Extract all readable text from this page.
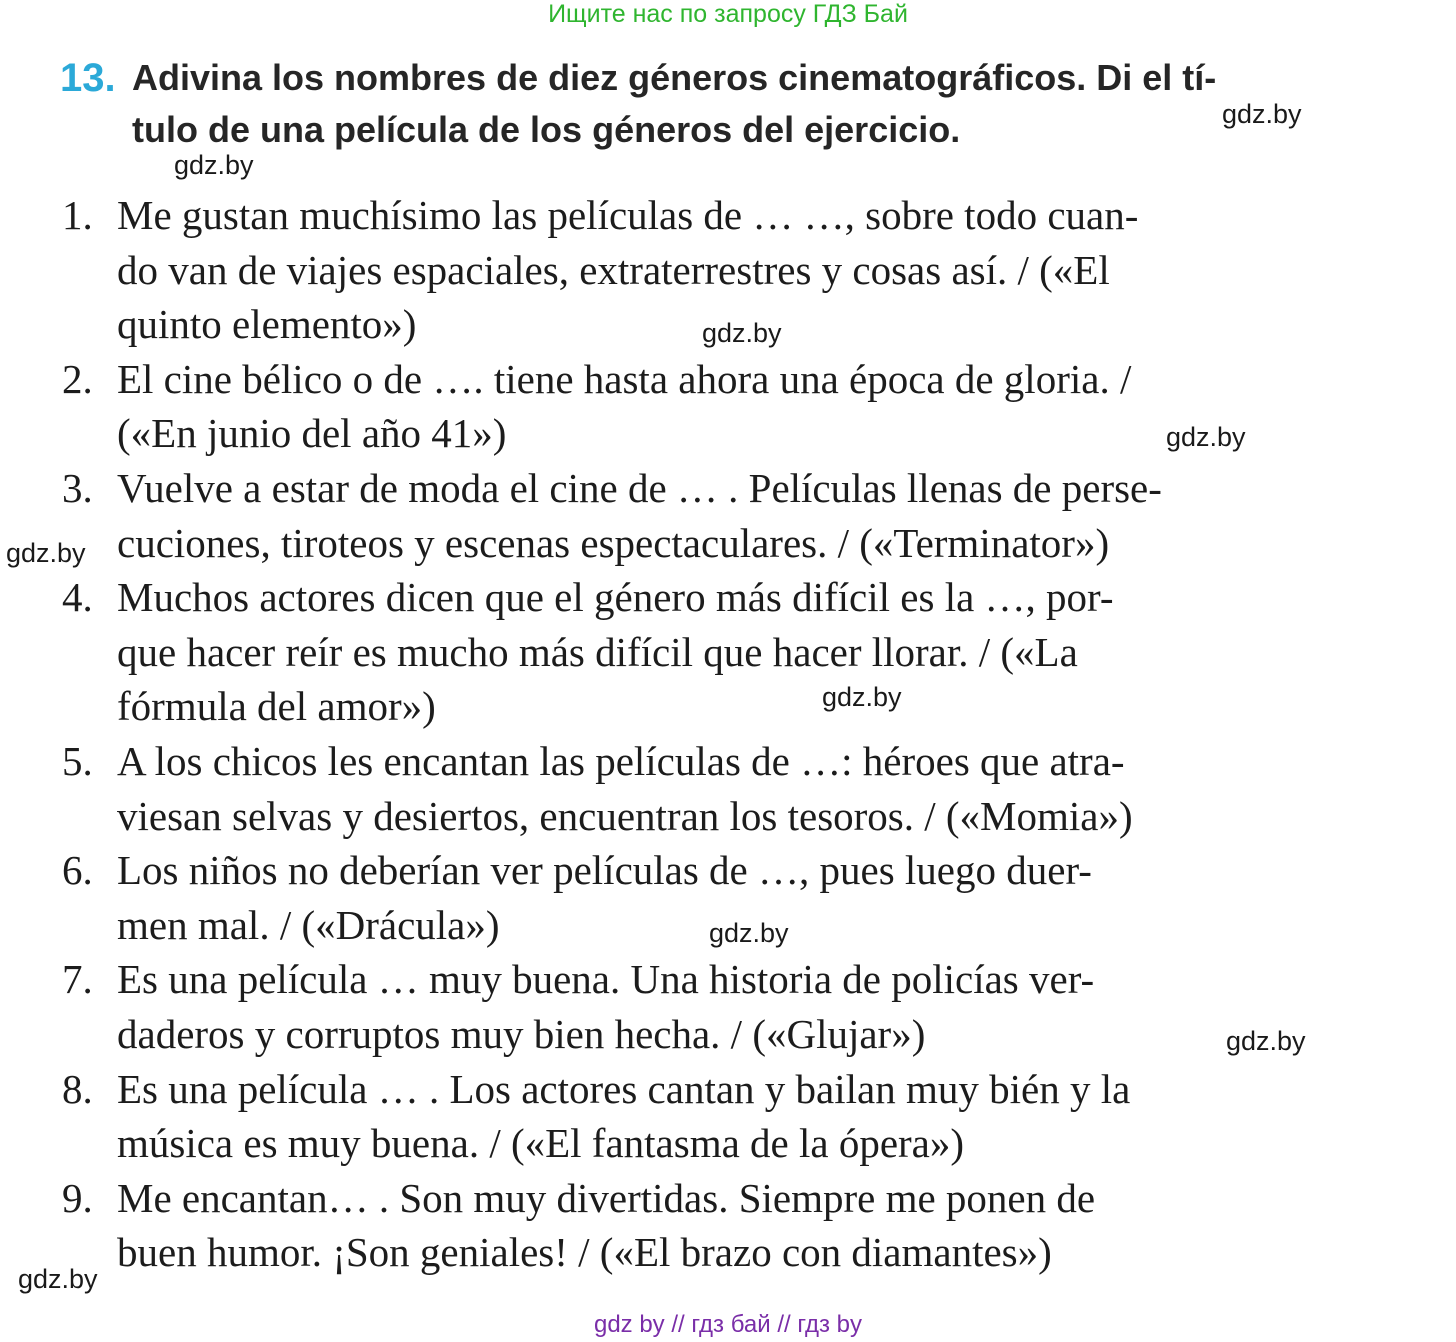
Ищите нас по запросу ГДЗ Бай
13. Adivina los nombres de diez géneros cinematográficos. Di el tí-
tulo de una película de los géneros del ejercicio.
1. Me gustan muchísimo las películas de … …, sobre todo cuan-
do van de viajes espaciales, extraterrestres y cosas así. / («El
quinto elemento»)
2. El cine bélico o de …. tiene hasta ahora una época de gloria. /
(«En junio del año 41»)
3. Vuelve a estar de moda el cine de … . Películas llenas de perse-
cuciones, tiroteos y escenas espectaculares. / («Terminator»)
4. Muchos actores dicen que el género más difícil es la …, por-
que hacer reír es mucho más difícil que hacer llorar. / («La
fórmula del amor»)
5. A los chicos les encantan las películas de …: héroes que atra-
viesan selvas y desiertos, encuentran los tesoros. / («Momia»)
6. Los niños no deberían ver películas de …, pues luego duer-
men mal. / («Drácula»)
7. Es una película … muy buena. Una historia de policías ver-
daderos y corruptos muy bien hecha. / («Glujar»)
8. Es una película … . Los actores cantan y bailan muy bién y la
música es muy buena. / («El fantasma de la ópera»)
9. Me encantan… . Son muy divertidas. Siempre me ponen de
buen humor. ¡Son geniales! / («El brazo con diamantes»)
gdz.by
gdz.by
gdz.by
gdz.by
gdz.by
gdz.by
gdz.by
gdz.by
gdz.by
gdz by // гдз бай // гдз by
